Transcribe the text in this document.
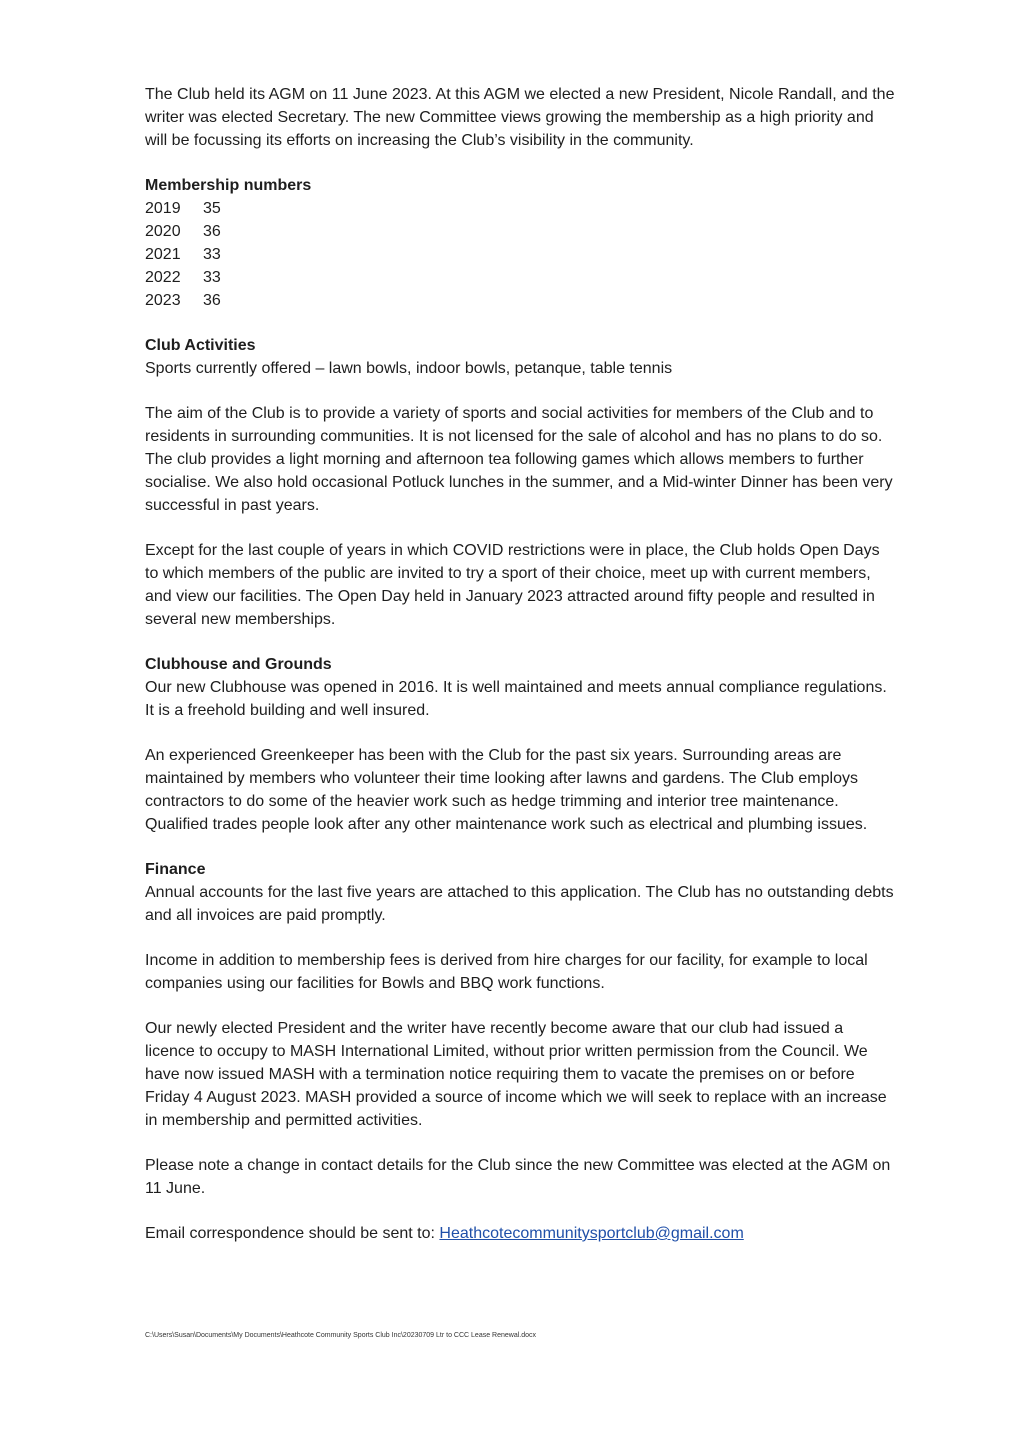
The Club held its AGM on 11 June 2023. At this AGM we elected a new President, Nicole Randall, and the writer was elected Secretary. The new Committee views growing the membership as a high priority and will be focussing its efforts on increasing the Club’s visibility in the community.

Membership numbers
2019	35
2020	36
2021	33
2022	33
2023	36
Club Activities
Sports currently offered – lawn bowls, indoor bowls, petanque, table tennis

The aim of the Club is to provide a variety of sports and social activities for members of the Club and to residents in surrounding communities. It is not licensed for the sale of alcohol and has no plans to do so. The club provides a light morning and afternoon tea following games which allows members to further socialise. We also hold occasional Potluck lunches in the summer, and a Mid-winter Dinner has been very successful in past years.

Except for the last couple of years in which COVID restrictions were in place, the Club holds Open Days to which members of the public are invited to try a sport of their choice, meet up with current members, and view our facilities. The Open Day held in January 2023 attracted around fifty people and resulted in several new memberships.

Clubhouse and Grounds
Our new Clubhouse was opened in 2016. It is well maintained and meets annual compliance regulations. It is a freehold building and well insured.

An experienced Greenkeeper has been with the Club for the past six years. Surrounding areas are maintained by members who volunteer their time looking after lawns and gardens. The Club employs contractors to do some of the heavier work such as hedge trimming and interior tree maintenance. Qualified trades people look after any other maintenance work such as electrical and plumbing issues.

Finance
Annual accounts for the last five years are attached to this application. The Club has no outstanding debts and all invoices are paid promptly.

Income in addition to membership fees is derived from hire charges for our facility, for example to local companies using our facilities for Bowls and BBQ work functions.

Our newly elected President and the writer have recently become aware that our club had issued a licence to occupy to MASH International Limited, without prior written permission from the Council. We have now issued MASH with a termination notice requiring them to vacate the premises on or before Friday 4 August 2023. MASH provided a source of income which we will seek to replace with an increase in membership and permitted activities.

Please note a change in contact details for the Club since the new Committee was elected at the AGM on 11 June.

Email correspondence should be sent to: Heathcotecommunitysportclub@gmail.com

C:\Users\Susan\Documents\My Documents\Heathcote Community Sports Club Inc\20230709 Ltr to CCC Lease Renewal.docx
